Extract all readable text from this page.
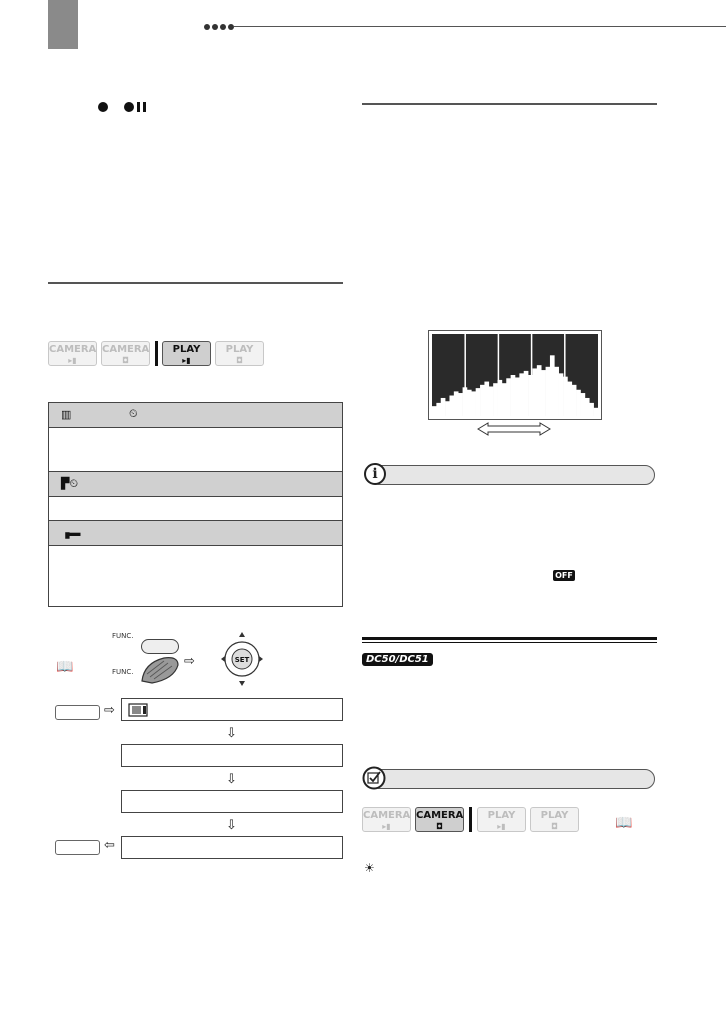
CAMERA
▸▮
CAMERA
◘
PLAY
▸▮
PLAY
◘
▥	⏲
▛⏲
▗▬
FUNC.
FUNC.
📖	⇨	SET
⇨
⇩
⇩
⇩
⇦
i
OFF
DC50/DC51
CAMERA
▸▮
CAMERA
◘
PLAY
▸▮
PLAY
◘	📖
☀
